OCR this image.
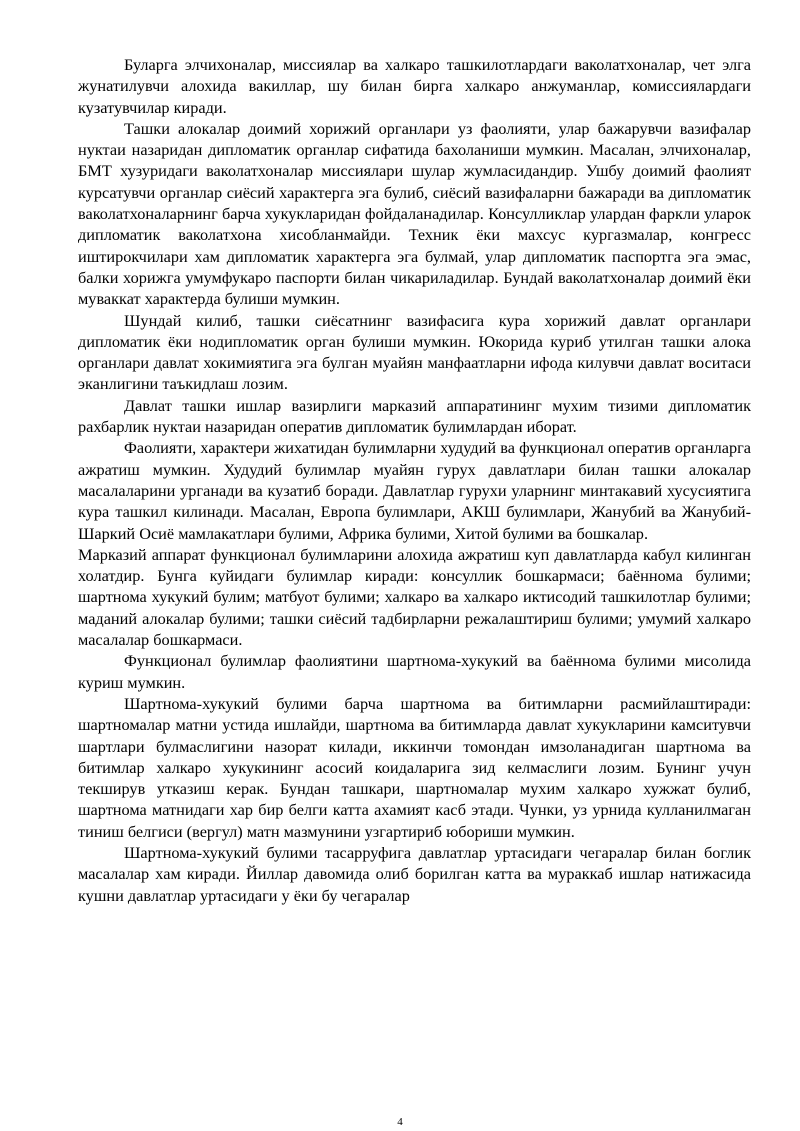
Буларга элчихоналар, миссиялар ва халкаро ташкилотлардаги ваколатхоналар, чет элга жунатилувчи алохида вакиллар, шу билан бирга халкаро анжуманлар, комиссиялардаги кузатувчилар киради.

Ташки алокалар доимий хорижий органлари уз фаолияти, улар бажарувчи вазифалар нуктаи назаридан дипломатик органлар сифатида бахоланиши мумкин. Масалан, элчихоналар, БМТ хузуридаги ваколатхоналар миссиялари шулар жумласидандир. Ушбу доимий фаолият курсатувчи органлар сиёсий характерга эга булиб, сиёсий вазифаларни бажаради ва дипломатик ваколатхоналарнинг барча хукукларидан фойдаланадилар. Консулликлар улардан фаркли уларок дипломатик ваколатхона хисобланмайди. Техник ёки махсус кургазмалар, конгресс иштирокчилари хам дипломатик характерга эга булмай, улар дипломатик паспортга эга эмас, балки хорижга умумфукаро паспорти билан чикариладилар. Бундай ваколатхоналар доимий ёки муваккат характерда булиши мумкин.

Шундай килиб, ташки сиёсатнинг вазифасига кура хорижий давлат органлари дипломатик ёки нодипломатик орган булиши мумкин. Юкорида куриб утилган ташки алока органлари давлат хокимиятига эга булган муайян манфаатларни ифода килувчи давлат воситаси эканлигини таъкидлаш лозим.

Давлат ташки ишлар вазирлиги марказий аппаратининг мухим тизими дипломатик рахбарлик нуктаи назаридан оператив дипломатик булимлардан иборат.

Фаолияти, характери жихатидан булимларни худудий ва функционал оператив органларга ажратиш мумкин. Худудий булимлар муайян гурух давлатлари билан ташки алокалар масалаларини урганади ва кузатиб боради. Давлатлар гурухи уларнинг минтакавий хусусиятига кура ташкил килинади. Масалан, Европа булимлари, АКШ булимлари, Жанубий ва Жанубий-Шаркий Осиё мамлакатлари булими, Африка булими, Хитой булими ва бошкалар.

Марказий аппарат функционал булимларини алохида ажратиш куп давлатларда кабул килинган холатдир. Бунга куйидаги булимлар киради: консуллик бошкармаси; баённома булими; шартнома хукукий булим; матбуот булими; халкаро ва халкаро иктисодий ташкилотлар булими; маданий алокалар булими; ташки сиёсий тадбирларни режалаштириш булими; умумий халкаро масалалар бошкармаси.

Функционал булимлар фаолиятини шартнома-хукукий ва баённома булими мисолида куриш мумкин.

Шартнома-хукукий булими барча шартнома ва битимларни расмийлаштиради: шартномалар матни устида ишлайди, шартнома ва битимларда давлат хукукларини камситувчи шартлари булмаслигини назорат килади, иккинчи томондан имзоланадиган шартнома ва битимлар халкаро хукукининг асосий коидаларига зид келмаслиги лозим. Бунинг учун текширув утказиш керак. Бундан ташкари, шартномалар мухим халкаро хужжат булиб, шартнома матнидаги хар бир белги катта ахамият касб этади. Чунки, уз урнида кулланилмаган тиниш белгиси (вергул) матн мазмунини узгартириб юбориши мумкин.

Шартнома-хукукий булими тасарруфига давлатлар уртасидаги чегаралар билан боглик масалалар хам киради. Йиллар давомида олиб борилган катта ва мураккаб ишлар натижасида кушни давлатлар уртасидаги у ёки бу чегаралар

4
